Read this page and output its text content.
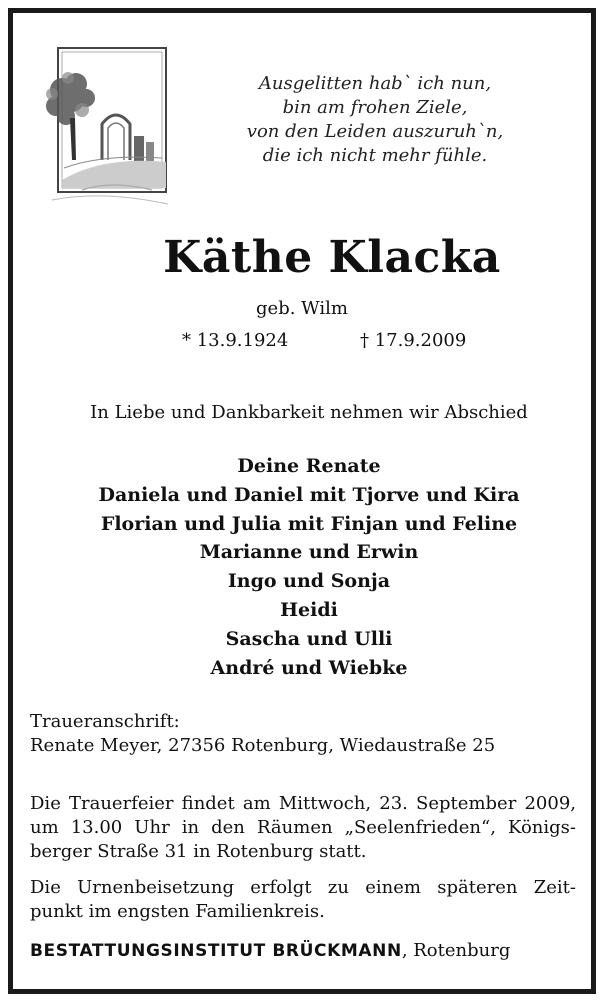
Ausgelitten hab` ich nun,
bin am frohen Ziele,
von den Leiden auszuruh`n,
die ich nicht mehr fühle.
Käthe Klacka
geb. Wilm
* 13.9.1924	† 17.9.2009
In Liebe und Dankbarkeit nehmen wir Abschied
Deine Renate
Daniela und Daniel mit Tjorve und Kira
Florian und Julia mit Finjan und Feline
Marianne und Erwin
Ingo und Sonja
Heidi
Sascha und Ulli
André und Wiebke
Traueranschrift:
Renate Meyer, 27356 Rotenburg, Wiedaustraße 25
Die Trauerfeier findet am Mittwoch, 23. September 2009,
um 13.00 Uhr in den Räumen „Seelenfrieden“, Königs-
berger Straße 31 in Rotenburg statt.
Die Urnenbeisetzung erfolgt zu einem späteren Zeit-
punkt im engsten Familienkreis.
BESTATTUNGSINSTITUT BRÜCKMANN, Rotenburg
